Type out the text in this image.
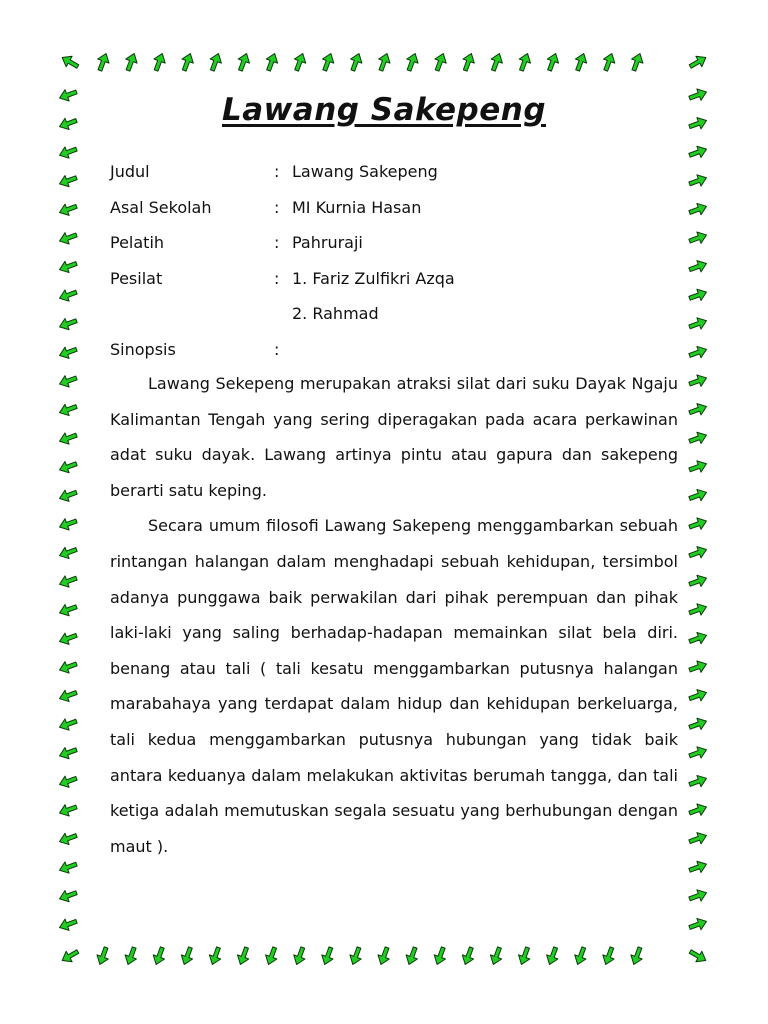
Lawang Sakepeng
Judul	: Lawang Sakepeng
Asal Sekolah	: MI Kurnia Hasan
Pelatih	: Pahruraji
Pesilat	: 1. Fariz Zulfikri Azqa
2. Rahmad
Sinopsis	:

Lawang Sekepeng merupakan atraksi silat dari suku Dayak Ngaju Kalimantan Tengah yang sering diperagakan pada acara perkawinan adat suku dayak. Lawang artinya pintu atau gapura dan sakepeng berarti satu keping.

Secara umum filosofi Lawang Sakepeng menggambarkan sebuah rintangan halangan dalam menghadapi sebuah kehidupan, tersimbol adanya punggawa baik perwakilan dari pihak perempuan dan pihak laki-laki yang saling berhadap-hadapan memainkan silat bela diri. benang atau tali ( tali kesatu menggambarkan putusnya halangan marabahaya yang terdapat dalam hidup dan kehidupan berkeluarga, tali kedua menggambarkan putusnya hubungan yang tidak baik antara keduanya dalam melakukan aktivitas berumah tangga, dan tali ketiga adalah memutuskan segala sesuatu yang berhubungan dengan maut ).
